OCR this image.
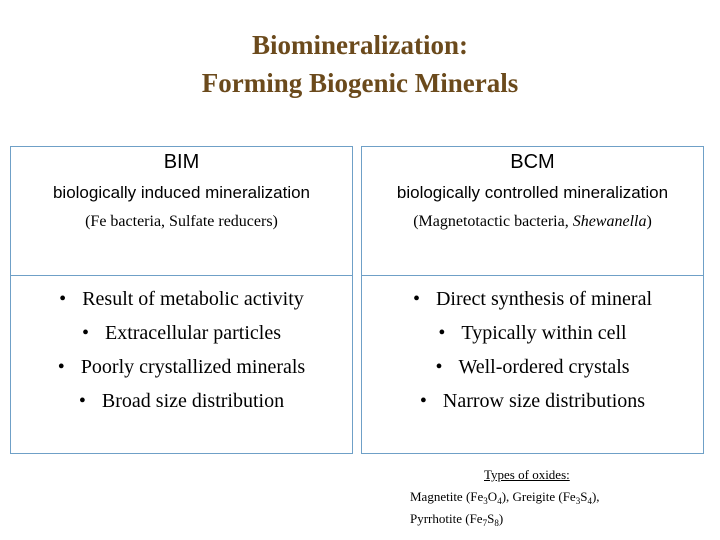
Biomineralization:
Forming Biogenic Minerals
BIM
biologically induced mineralization
(Fe bacteria, Sulfate reducers)
• Result of metabolic activity
• Extracellular particles
• Poorly crystallized minerals
• Broad size distribution
BCM
biologically controlled mineralization
(Magnetotactic bacteria, Shewanella)
• Direct synthesis of mineral
• Typically within cell
• Well-ordered crystals
• Narrow size distributions
Types of oxides:
Magnetite $(Fe_3O_4)$, Greigite $(Fe_3S_4)$,
Pyrrhotite $(Fe_7S_8)$
